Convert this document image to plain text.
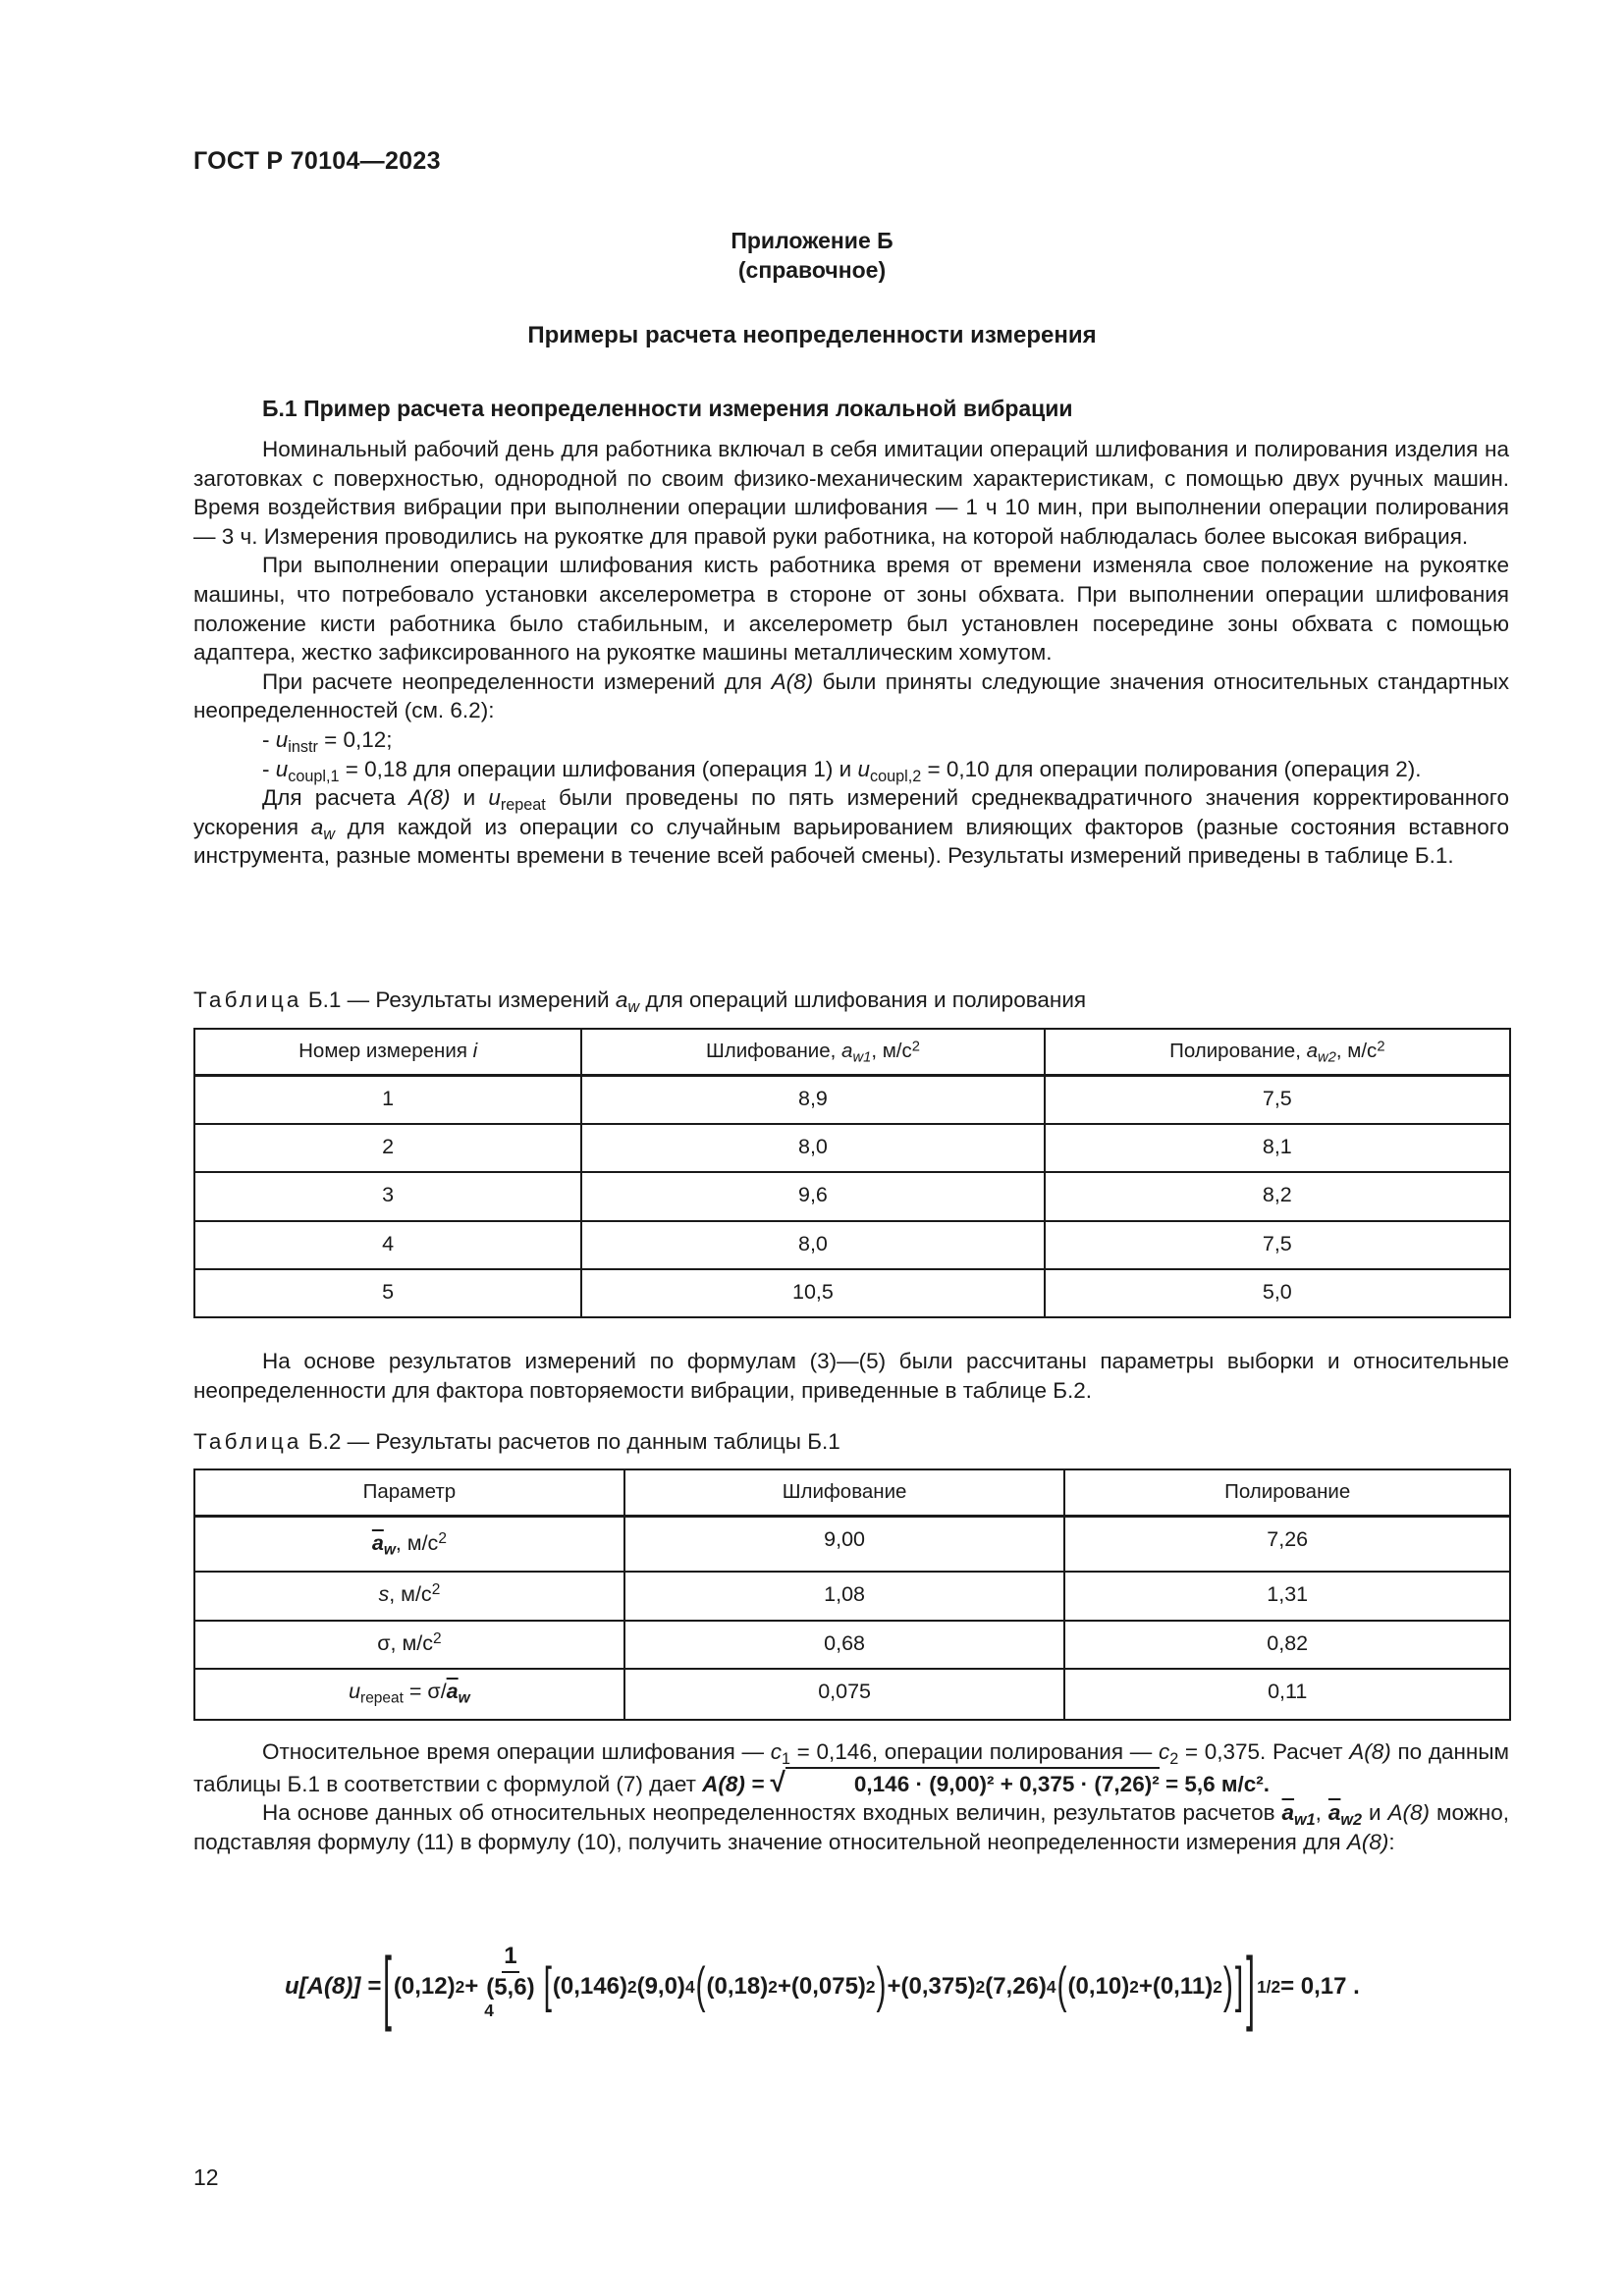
ГОСТ Р 70104—2023
Приложение Б
(справочное)
Примеры расчета неопределенности измерения
Б.1 Пример расчета неопределенности измерения локальной вибрации

Номинальный рабочий день для работника включал в себя имитации операций шлифования и полирования изделия на заготовках с поверхностью, однородной по своим физико-механическим характеристикам, с помощью двух ручных машин. Время воздействия вибрации при выполнении операции шлифования — 1 ч 10 мин, при выполнении операции полирования — 3 ч. Измерения проводились на рукоятке для правой руки работника, на которой наблюдалась более высокая вибрация.

При выполнении операции шлифования кисть работника время от времени изменяла свое положение на рукоятке машины, что потребовало установки акселерометра в стороне от зоны обхвата. При выполнении операции шлифования положение кисти работника было стабильным, и акселерометр был установлен посередине зоны обхвата с помощью адаптера, жестко зафиксированного на рукоятке машины металлическим хомутом.

При расчете неопределенности измерений для A(8) были приняты следующие значения относительных стандартных неопределенностей (см. 6.2):

- $u_{instr} = 0,12$;

- $u_{coupl,1} = 0,18$ для операции шлифования (операция 1) и $u_{coupl,2} = 0,10$ для операции полирования (операция 2).

Для расчета A(8) и $u_{repeat}$ были проведены по пять измерений среднеквадратичного значения корректированного ускорения $a_w$ для каждой из операции со случайным варьированием влияющих факторов (разные состояния вставного инструмента, разные моменты времени в течение всей рабочей смены). Результаты измерений приведены в таблице Б.1.

Таблица Б.1 — Результаты измерений $a_w$ для операций шлифования и полирования
Номер измерения i	Шлифование, $a_{w1}$, $м/с^2$	Полирование, $a_{w2}$, $м/с^2$
1	8,9	7,5
2	8,0	8,1
3	9,6	8,2
4	8,0	7,5
5	10,5	5,0

На основе результатов измерений по формулам (3)—(5) были рассчитаны параметры выборки и относительные неопределенности для фактора повторяемости вибрации, приведенные в таблице Б.2.

Таблица Б.2 — Результаты расчетов по данным таблицы Б.1
Параметр	Шлифование	Полирование
$\overline{a}_w$, $м/с^2$	9,00	7,26
s, $м/с^2$	1,08	1,31
σ, $м/с^2$	0,68	0,82
$u_{repeat} = \sigma/\overline{a}_w$	0,075	0,11

Относительное время операции шлифования — $c_1 = 0,146$, операции полирования — $c_2 = 0,375$. Расчет A(8) по данным таблицы Б.1 в соответствии с формулой (7) дает A(8) = √	0,146 · (9,00)² + 0,375 · (7,26)² = 5,6 м/с².

На основе данных об относительных неопределенностях входных величин, результатов расчетов $\overline{a}_{w1}$, $\overline{a}_{w2}$ и A(8) можно, подставляя формулу (11) в формулу (10), получить значение относительной неопределенности измерения для A(8):

u[A(8)] = [ (0,12) 2 + 1
(5,6)
$^4$ [ (0,146) 2 (9,0) 4 ( (0,18) 2 + (0,075) 2 ) + (0,375) 2 (7,26) 4 ( (0,10) 2 + (0,11) 2 ) ] ] 1/2 = 0,17 .
12
